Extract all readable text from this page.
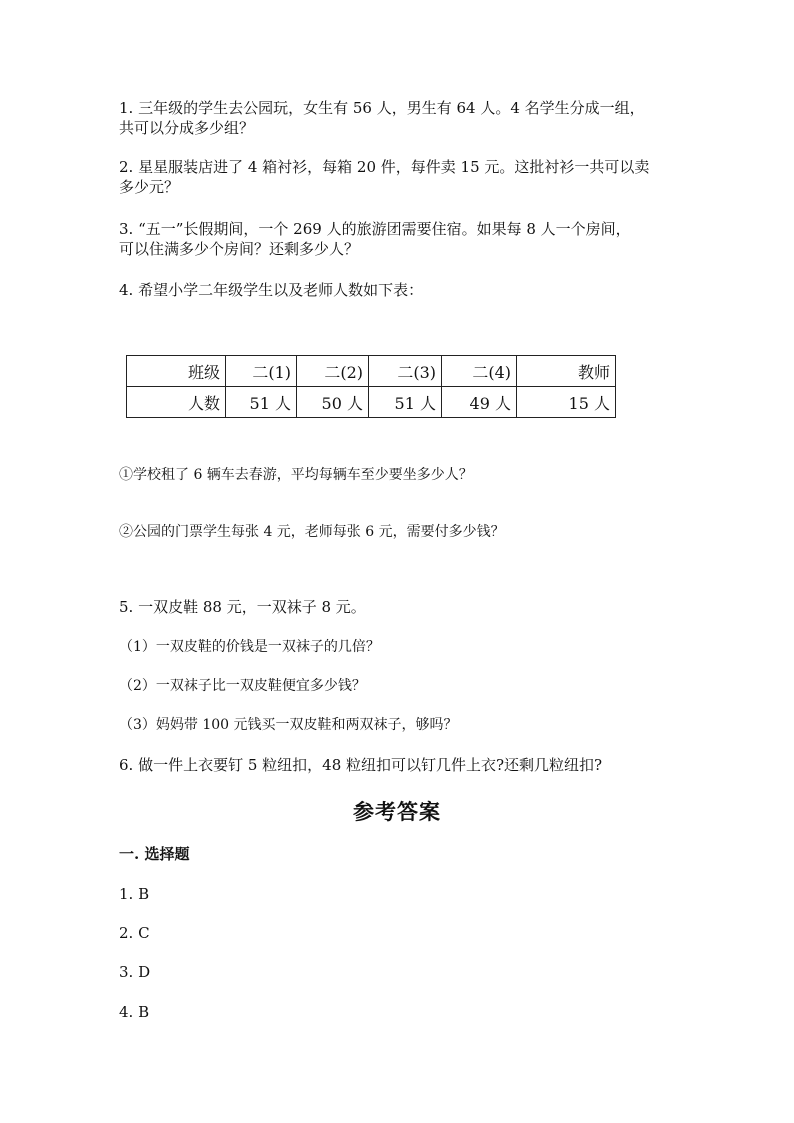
1. 三年级的学生去公园玩，女生有 56 人，男生有 64 人。4 名学生分成一组，
共可以分成多少组？
2. 星星服装店进了 4 箱衬衫，每箱 20 件，每件卖 15 元。这批衬衫一共可以卖
多少元？
3. “五一”长假期间，一个 269 人的旅游团需要住宿。如果每 8 人一个房间，
可以住满多少个房间？还剩多少人？
4. 希望小学二年级学生以及老师人数如下表：
班级	二(1)	二(2)	二(3)	二(4)	教师
人数	51 人	50 人	51 人	49 人	15 人
①学校租了 6 辆车去春游，平均每辆车至少要坐多少人？
②公园的门票学生每张 4 元，老师每张 6 元，需要付多少钱？
5. 一双皮鞋 88 元，一双袜子 8 元。
（1）一双皮鞋的价钱是一双袜子的几倍？
（2）一双袜子比一双皮鞋便宜多少钱？
（3）妈妈带 100 元钱买一双皮鞋和两双袜子，够吗？
6. 做一件上衣要钉 5 粒纽扣，48 粒纽扣可以钉几件上衣?还剩几粒纽扣?
参考答案
一. 选择题
1. B
2. C
3. D
4. B
